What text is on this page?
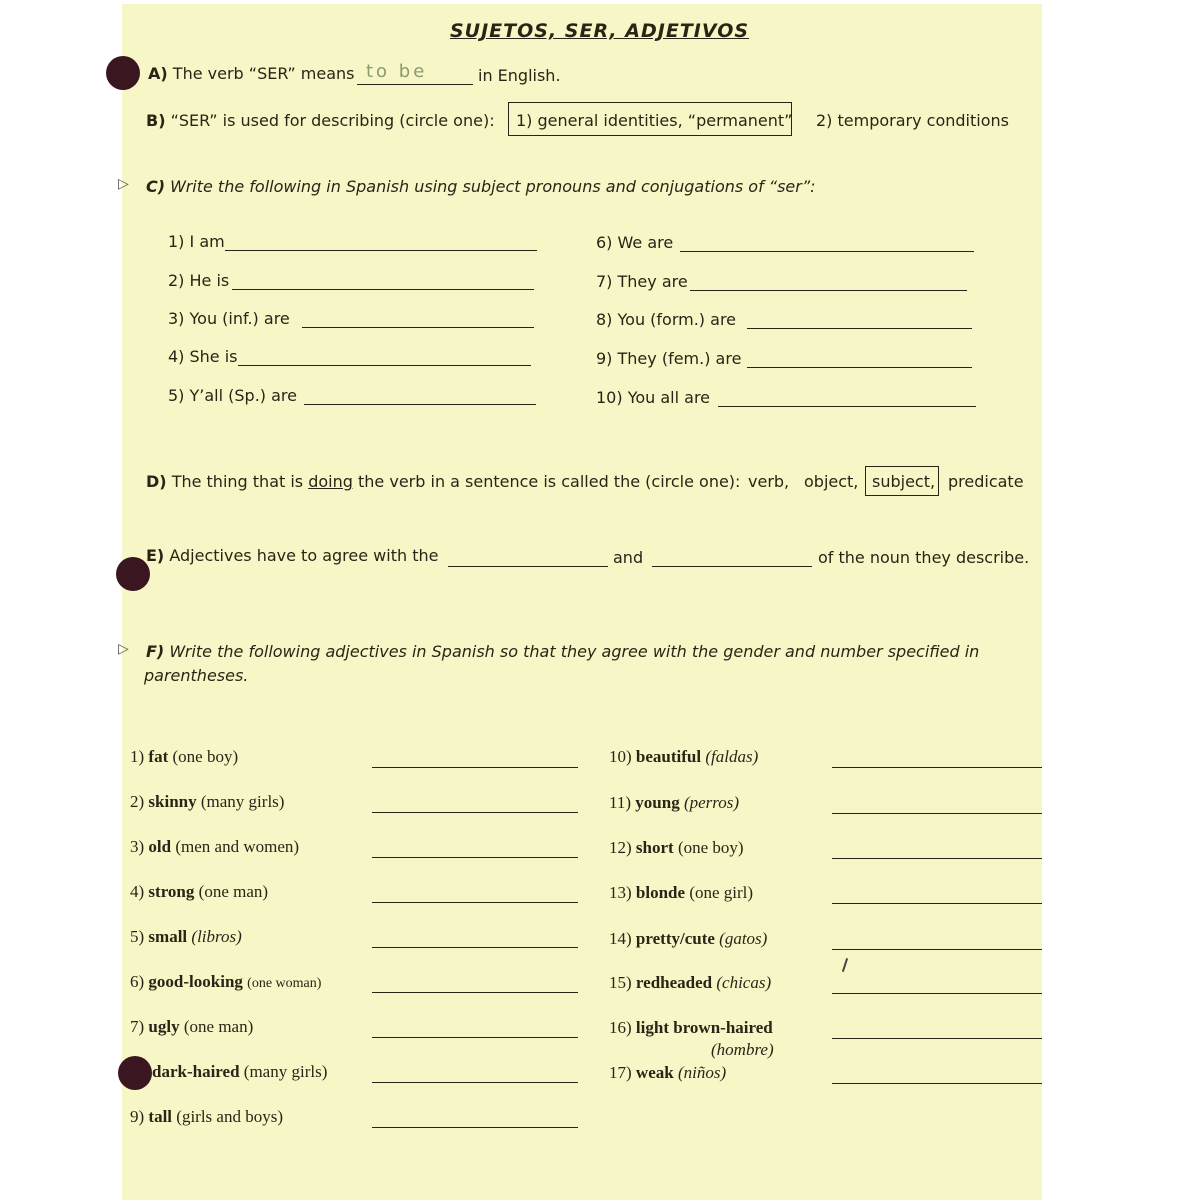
SUJETOS, SER, ADJETIVOS
A) The verb “SER” means to be	in English.
B) “SER” is used for describing (circle one): 1) general identities, “permanent” 2) temporary conditions
▷ C) Write the following in Spanish using subject pronouns and conjugations of “ser”:
1) I am
2) He is
3) You (inf.) are
4) She is
5) Y’all (Sp.) are
6) We are
7) They are
8) You (form.) are
9) They (fem.) are
10) You all are
D) The thing that is doing the verb in a sentence is called the (circle one): verb, object, subject, predicate
E) Adjectives have to agree with the	and	of the noun they describe.
▷ F) Write the following adjectives in Spanish so that they agree with the gender and number specified in
parentheses.
1) fat (one boy)
2) skinny (many girls)
3) old (men and women)
4) strong (one man)
5) small (libros)
6) good-looking (one woman)
7) ugly (one man)
dark-haired (many girls)
9) tall (girls and boys)
10) beautiful (faldas)
11) young (perros)
12) short (one boy)
13) blonde (one girl)
14) pretty/cute (gatos)
15) redheaded (chicas)
16) light brown-haired
(hombre)
17) weak (niños)
